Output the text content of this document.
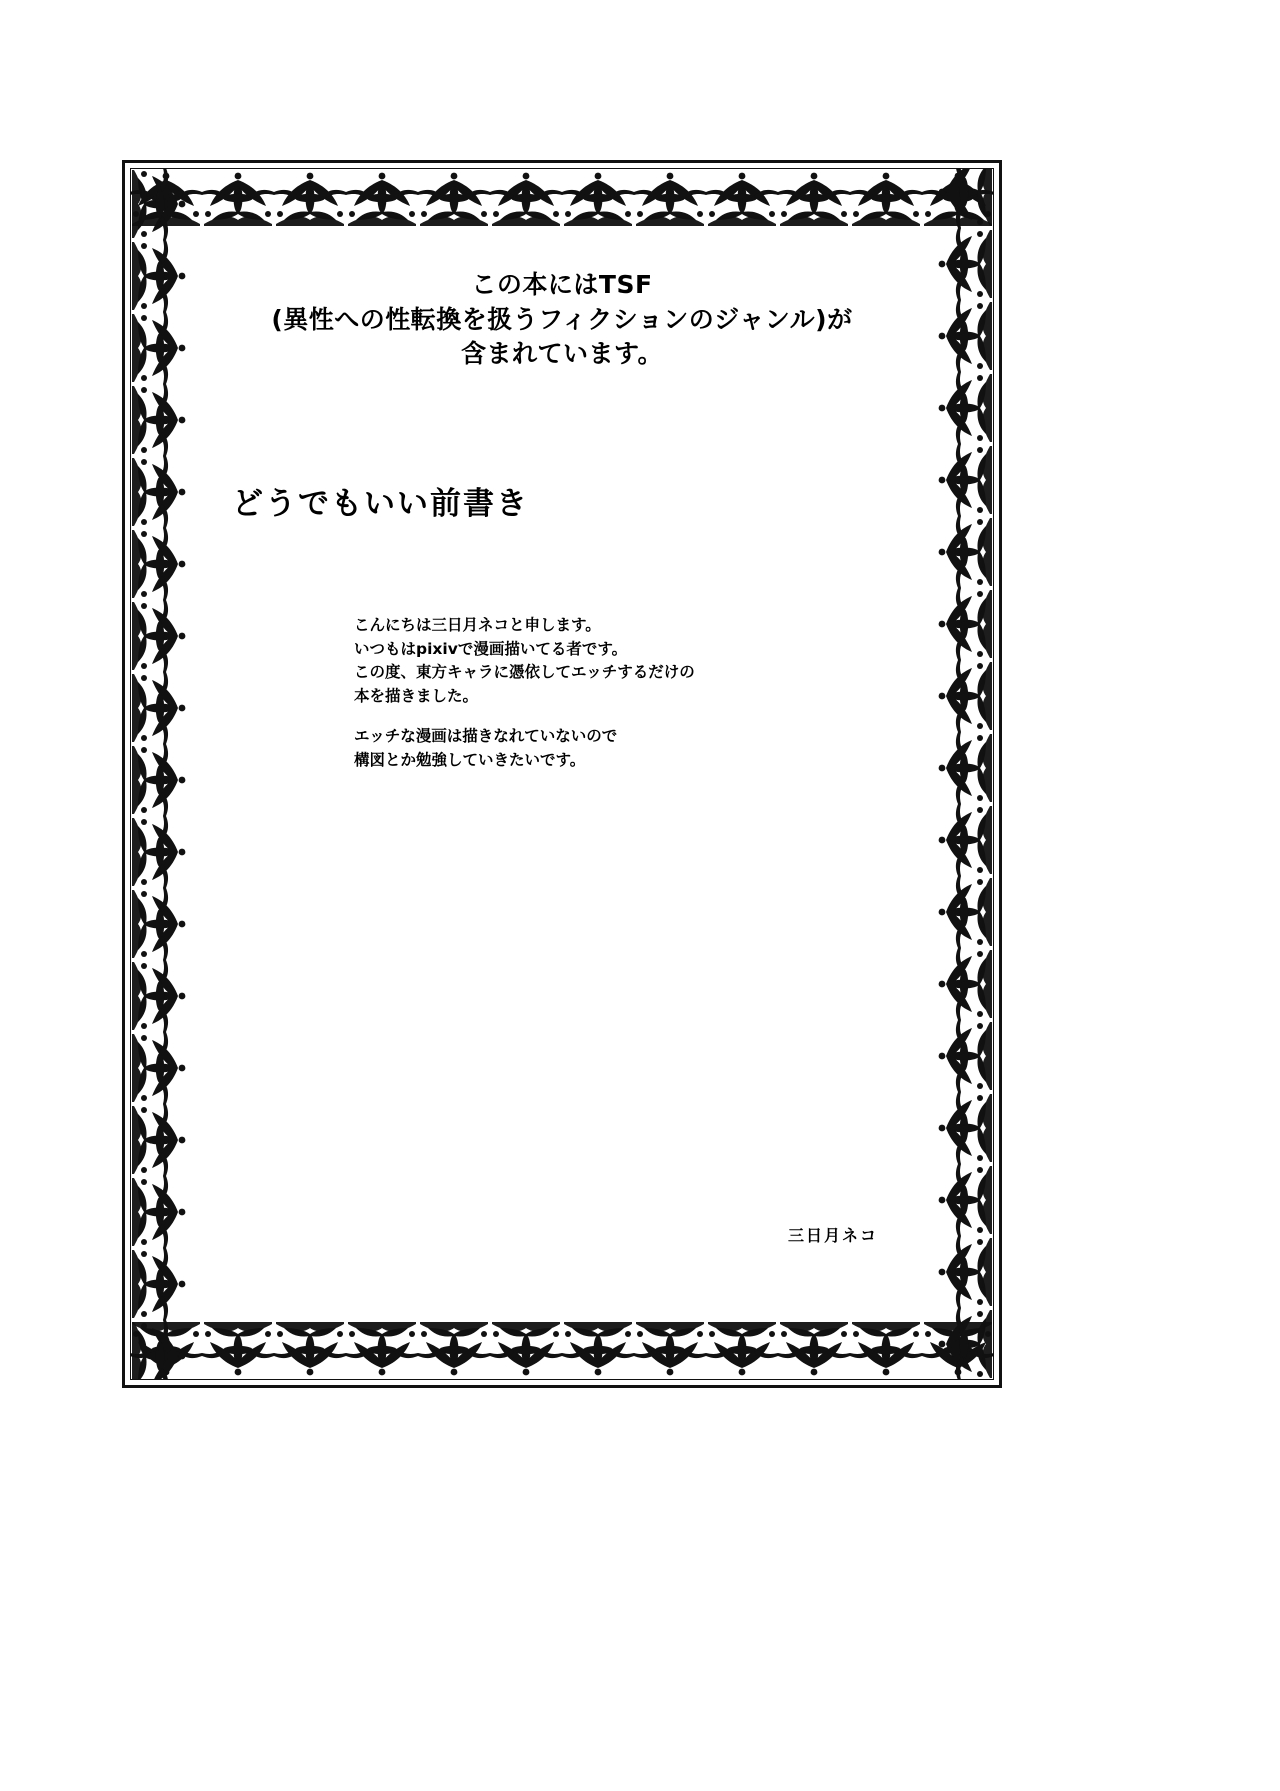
この本にはTSF
(異性への性転換を扱うフィクションのジャンル)が
含まれています。
どうでもいい前書き

こんにちは三日月ネコと申します。

いつもはpixivで漫画描いてる者です。

この度、東方キャラに憑依してエッチするだけの

本を描きました。

エッチな漫画は描きなれていないので

構図とか勉強していきたいです。

三日月ネコ
